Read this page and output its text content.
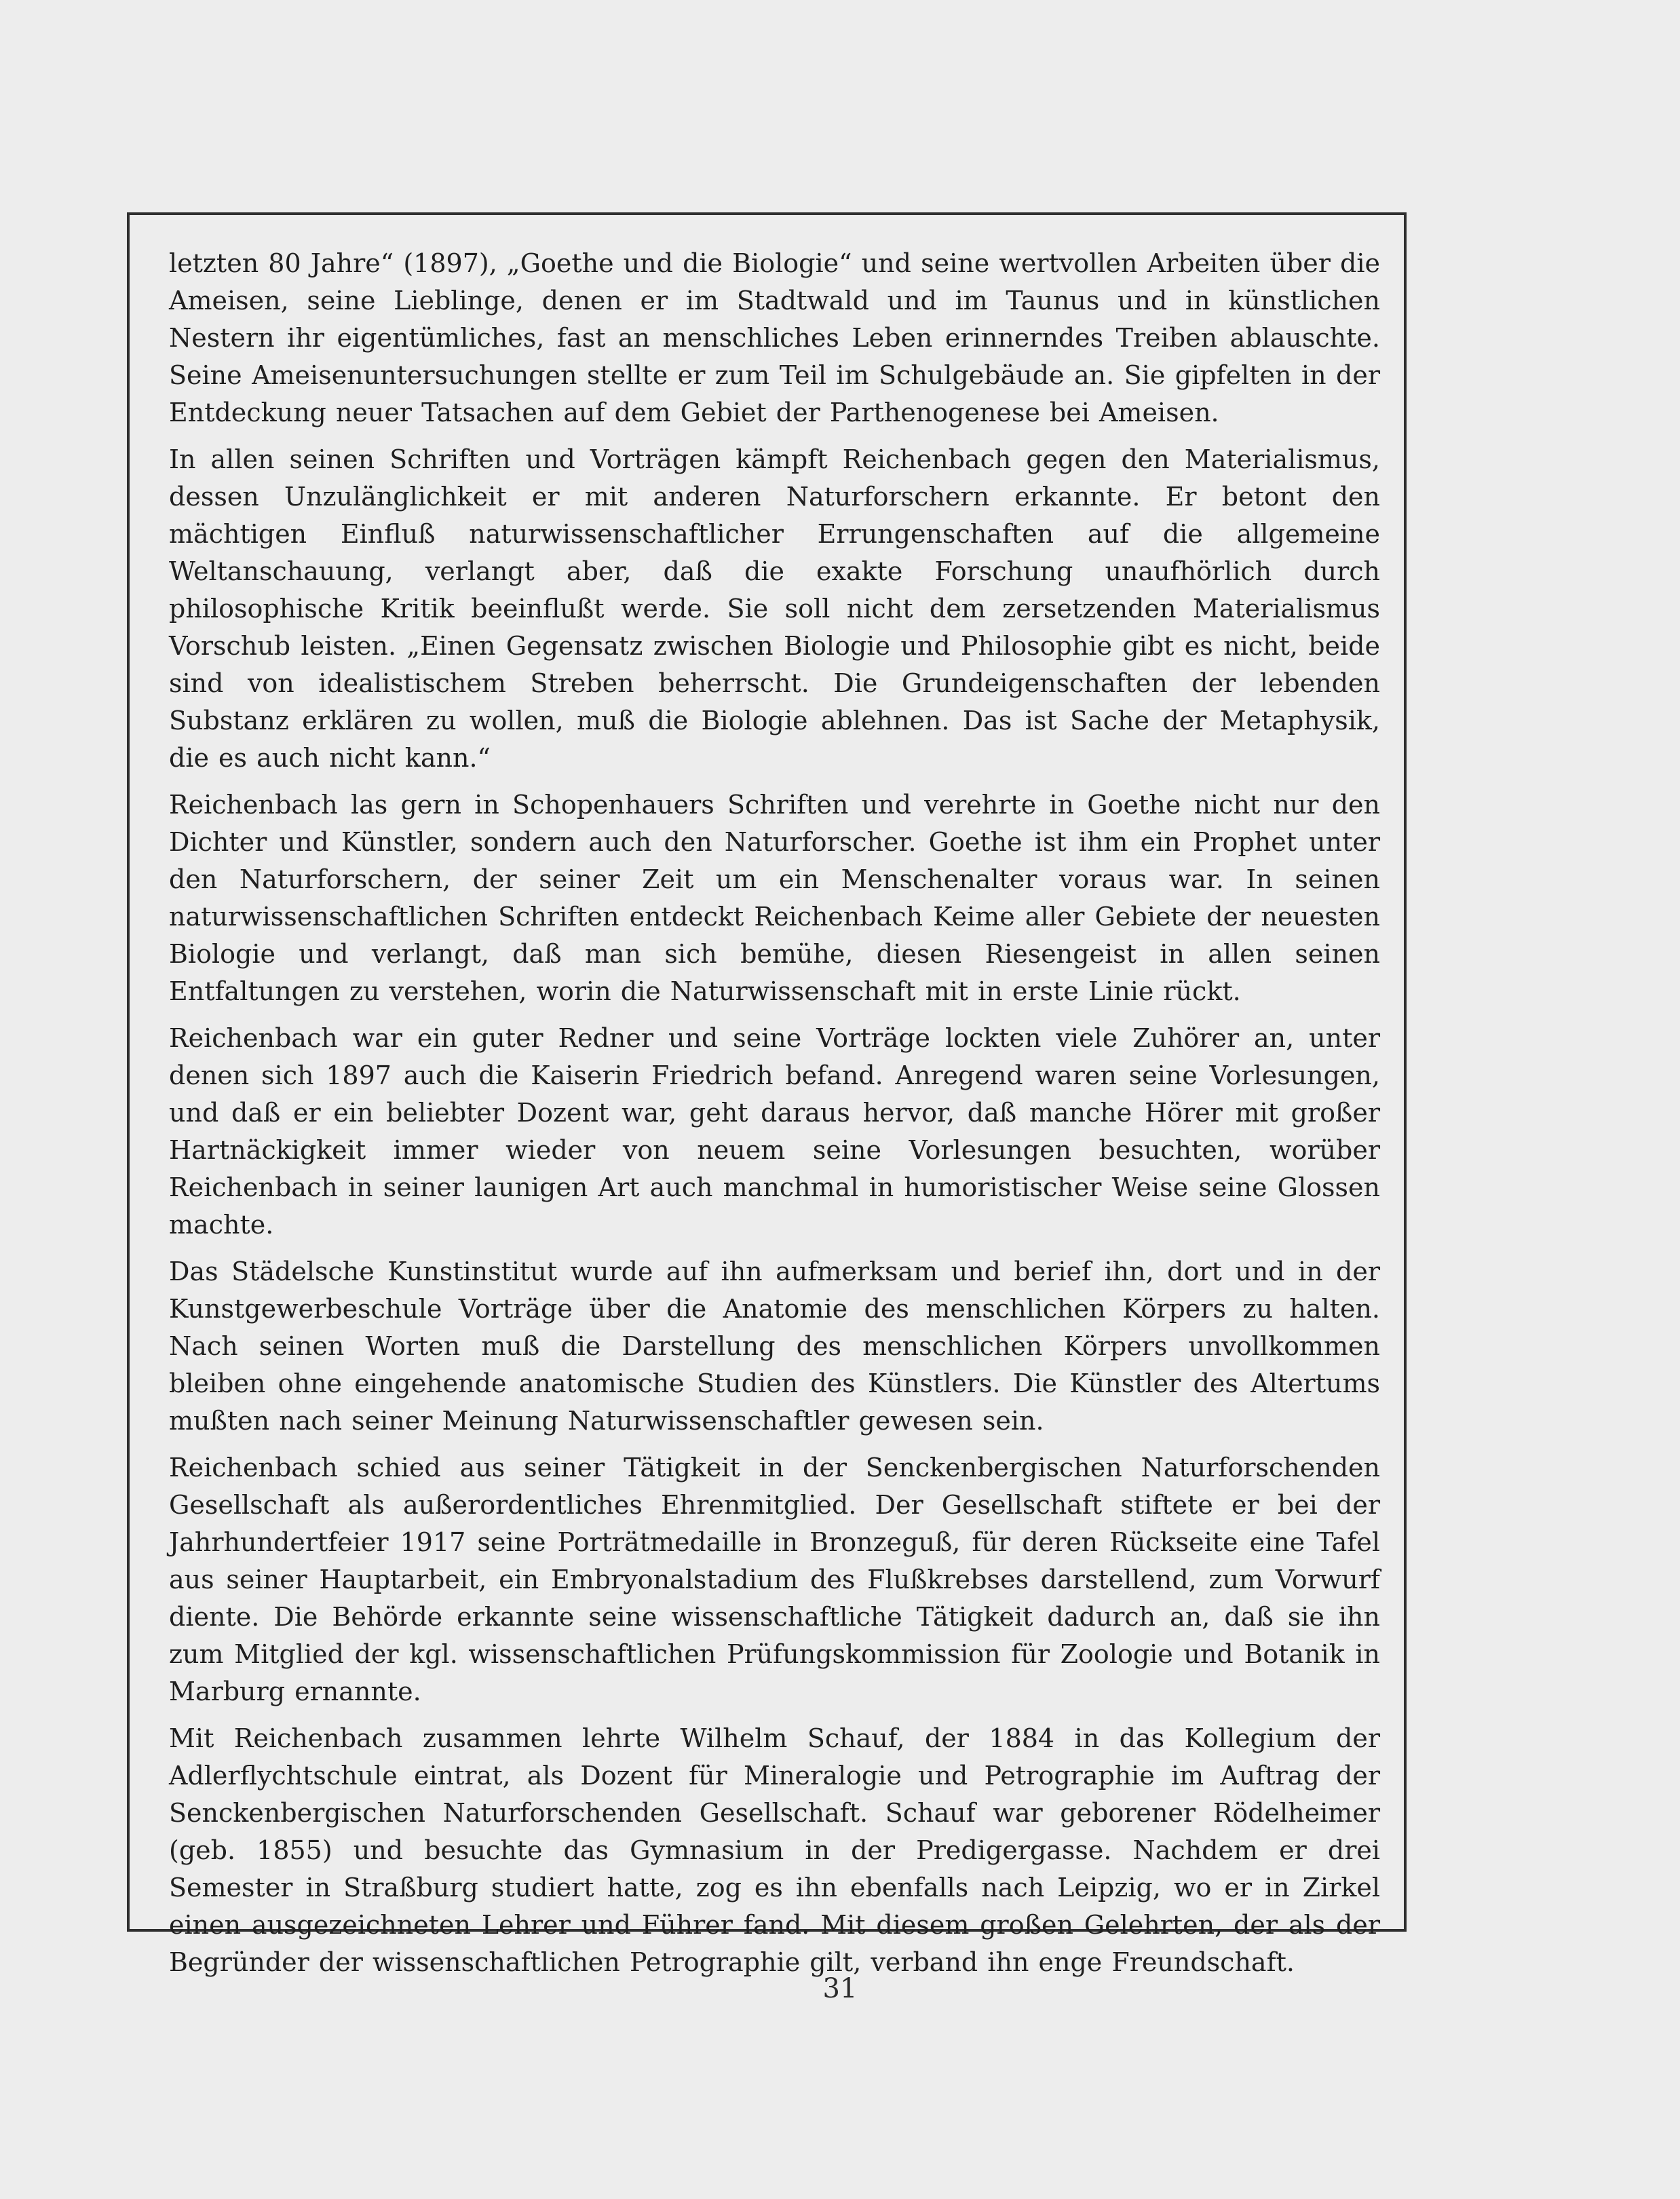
letzten 80 Jahre“ (1897), „Goethe und die Biologie“ und seine wertvollen Arbeiten über die Ameisen, seine Lieblinge, denen er im Stadtwald und im Taunus und in künstlichen Nestern ihr eigentümliches, fast an menschliches Leben erinnerndes Treiben ablauschte. Seine Ameisenuntersuchungen stellte er zum Teil im Schulgebäude an. Sie gipfelten in der Entdeckung neuer Tatsachen auf dem Gebiet der Parthenogenese bei Ameisen.

In allen seinen Schriften und Vorträgen kämpft Reichenbach gegen den Materialismus, dessen Unzulänglichkeit er mit anderen Naturforschern erkannte. Er betont den mächtigen Einfluß naturwissenschaftlicher Errungenschaften auf die allgemeine Weltanschauung, verlangt aber, daß die exakte Forschung unaufhörlich durch philosophische Kritik beeinflußt werde. Sie soll nicht dem zersetzenden Materialismus Vorschub leisten. „Einen Gegensatz zwischen Biologie und Philosophie gibt es nicht, beide sind von idealistischem Streben beherrscht. Die Grundeigenschaften der lebenden Substanz erklären zu wollen, muß die Biologie ablehnen. Das ist Sache der Metaphysik, die es auch nicht kann.“

Reichenbach las gern in Schopenhauers Schriften und verehrte in Goethe nicht nur den Dichter und Künstler, sondern auch den Naturforscher. Goethe ist ihm ein Prophet unter den Naturforschern, der seiner Zeit um ein Menschenalter voraus war. In seinen naturwissenschaftlichen Schriften entdeckt Reichenbach Keime aller Gebiete der neuesten Biologie und verlangt, daß man sich bemühe, diesen Riesengeist in allen seinen Entfaltungen zu verstehen, worin die Naturwissenschaft mit in erste Linie rückt.

Reichenbach war ein guter Redner und seine Vorträge lockten viele Zuhörer an, unter denen sich 1897 auch die Kaiserin Friedrich befand. Anregend waren seine Vorlesungen, und daß er ein beliebter Dozent war, geht daraus hervor, daß manche Hörer mit großer Hartnäckigkeit immer wieder von neuem seine Vorlesungen besuchten, worüber Reichenbach in seiner launigen Art auch manchmal in humoristischer Weise seine Glossen machte.

Das Städelsche Kunstinstitut wurde auf ihn aufmerksam und berief ihn, dort und in der Kunstgewerbeschule Vorträge über die Anatomie des menschlichen Körpers zu halten. Nach seinen Worten muß die Darstellung des menschlichen Körpers unvollkommen bleiben ohne eingehende anatomische Studien des Künstlers. Die Künstler des Altertums mußten nach seiner Meinung Naturwissenschaftler gewesen sein.

Reichenbach schied aus seiner Tätigkeit in der Senckenbergischen Naturforschenden Gesellschaft als außerordentliches Ehrenmitglied. Der Gesellschaft stiftete er bei der Jahrhundertfeier 1917 seine Porträtmedaille in Bronzeguß, für deren Rückseite eine Tafel aus seiner Hauptarbeit, ein Embryonalstadium des Flußkrebses darstellend, zum Vorwurf diente. Die Behörde erkannte seine wissenschaftliche Tätigkeit dadurch an, daß sie ihn zum Mitglied der kgl. wissenschaftlichen Prüfungskommission für Zoologie und Botanik in Marburg ernannte.

Mit Reichenbach zusammen lehrte Wilhelm Schauf, der 1884 in das Kollegium der Adlerflychtschule eintrat, als Dozent für Mineralogie und Petrographie im Auftrag der Senckenbergischen Naturforschenden Gesellschaft. Schauf war geborener Rödelheimer (geb. 1855) und besuchte das Gymnasium in der Predigergasse. Nachdem er drei Semester in Straßburg studiert hatte, zog es ihn ebenfalls nach Leipzig, wo er in Zirkel einen ausgezeichneten Lehrer und Führer fand. Mit diesem großen Gelehrten, der als der Begründer der wissenschaftlichen Petrographie gilt, verband ihn enge Freundschaft.

31
